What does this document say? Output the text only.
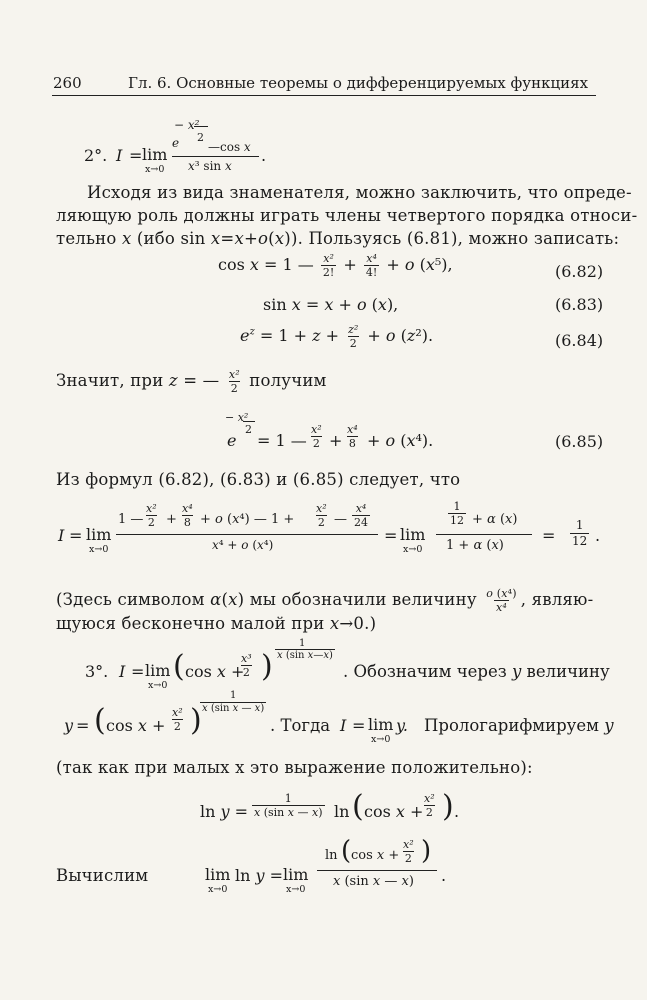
260	Гл. 6. Основные теоремы о дифференцируемых функциях
2°. I = lim
x→0
− x²
2
e —cos x
x³ sin x
.
Исходя из вида знаменателя, можно заключить, что опреде-
ляющую роль должны играть члены четвертого порядка относи-
тельно x (ибо sin x=x+o(x)). Пользуясь (6.81), можно записать:
cos x = 1 — $\frac{\text{x²}}{2!} + \frac{\text{x⁴}}{4!} + o$ (x⁵),	(6.82)
sin x = x + o (x),	(6.83)
$e^z = 1 + z + \frac{\text{z²}}{2} + o$ (z²).	(6.84)
Значит, при z = — $\frac{\text{x²}}{2}$ получим
− x²
2
e = 1 — $\frac{\text{x²}}{2} + \frac{\text{x⁴}}{8} + o$ (x⁴).	(6.85)
Из формул (6.82), (6.83) и (6.85) следует, что
I = lim
x→0
1 — $\frac{\text{x²}}{2} + \frac{\text{x⁴}}{8} + o$ (x⁴) — $1 + \frac{\text{x²}}{2}$ — $\frac{\text{x⁴}}{24}$
x⁴ + o (x⁴)	= lim
x→0
$\frac{1}{12} + \alpha$ (x)
1 + α (x)
= $\frac{1}{12}$ .
(Здесь символом α(x) мы обозначили величину $\frac{\text{o (x⁴)}}{\text{x⁴}}$ , являю-
щуюся бесконечно малой при x→0.)
3°. I = lim
x→0
( cos x +
$\frac{\text{x³}}{2}$ )
1
x (sin x—x)
. Обозначим через y величину
y = ( $\cos x + \frac{\text{x²}}{2}$ )
1
x (sin x — x)
. Тогда I = lim
x→0
y. Прологарифмируем y
(так как при малых x это выражение положительно):
$\ln y = \frac{1}{\text{x (sin x — x)}}$ ln ( cos x +
$\frac{\text{x²}}{2}$ ) .
Вычислим	lim
x→0
ln y = lim
x→0
ln ( $\cos x + \frac{\text{x²}}{2}$ )
x (sin x — x) .
